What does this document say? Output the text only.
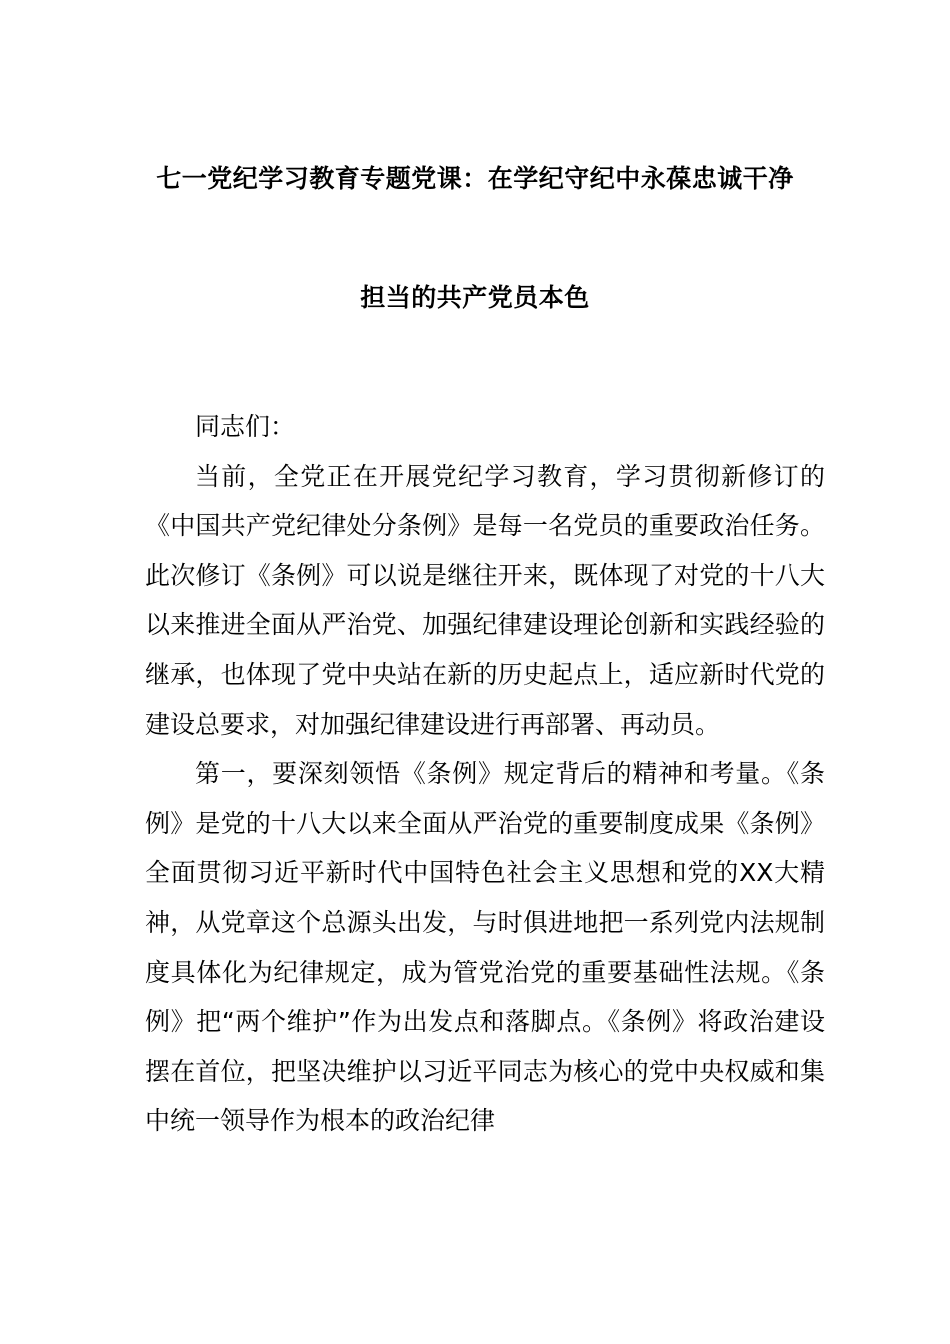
七一党纪学习教育专题党课：在学纪守纪中永葆忠诚干净
担当的共产党员本色

同志们：

当前，全党正在开展党纪学习教育，学习贯彻新修订的《中国共产党纪律处分条例》是每一名党员的重要政治任务。此次修订《条例》可以说是继往开来，既体现了对党的十八大以来推进全面从严治党、加强纪律建设理论创新和实践经验的继承，也体现了党中央站在新的历史起点上，适应新时代党的建设总要求，对加强纪律建设进行再部署、再动员。

第一，要深刻领悟《条例》规定背后的精神和考量。《条例》是党的十八大以来全面从严治党的重要制度成果《条例》全面贯彻习近平新时代中国特色社会主义思想和党的XX大精神，从党章这个总源头出发，与时俱进地把一系列党内法规制度具体化为纪律规定，成为管党治党的重要基础性法规。《条例》把“两个维护”作为出发点和落脚点。《条例》将政治建设摆在首位，把坚决维护以习近平同志为核心的党中央权威和集中统一领导作为根本的政治纪律
